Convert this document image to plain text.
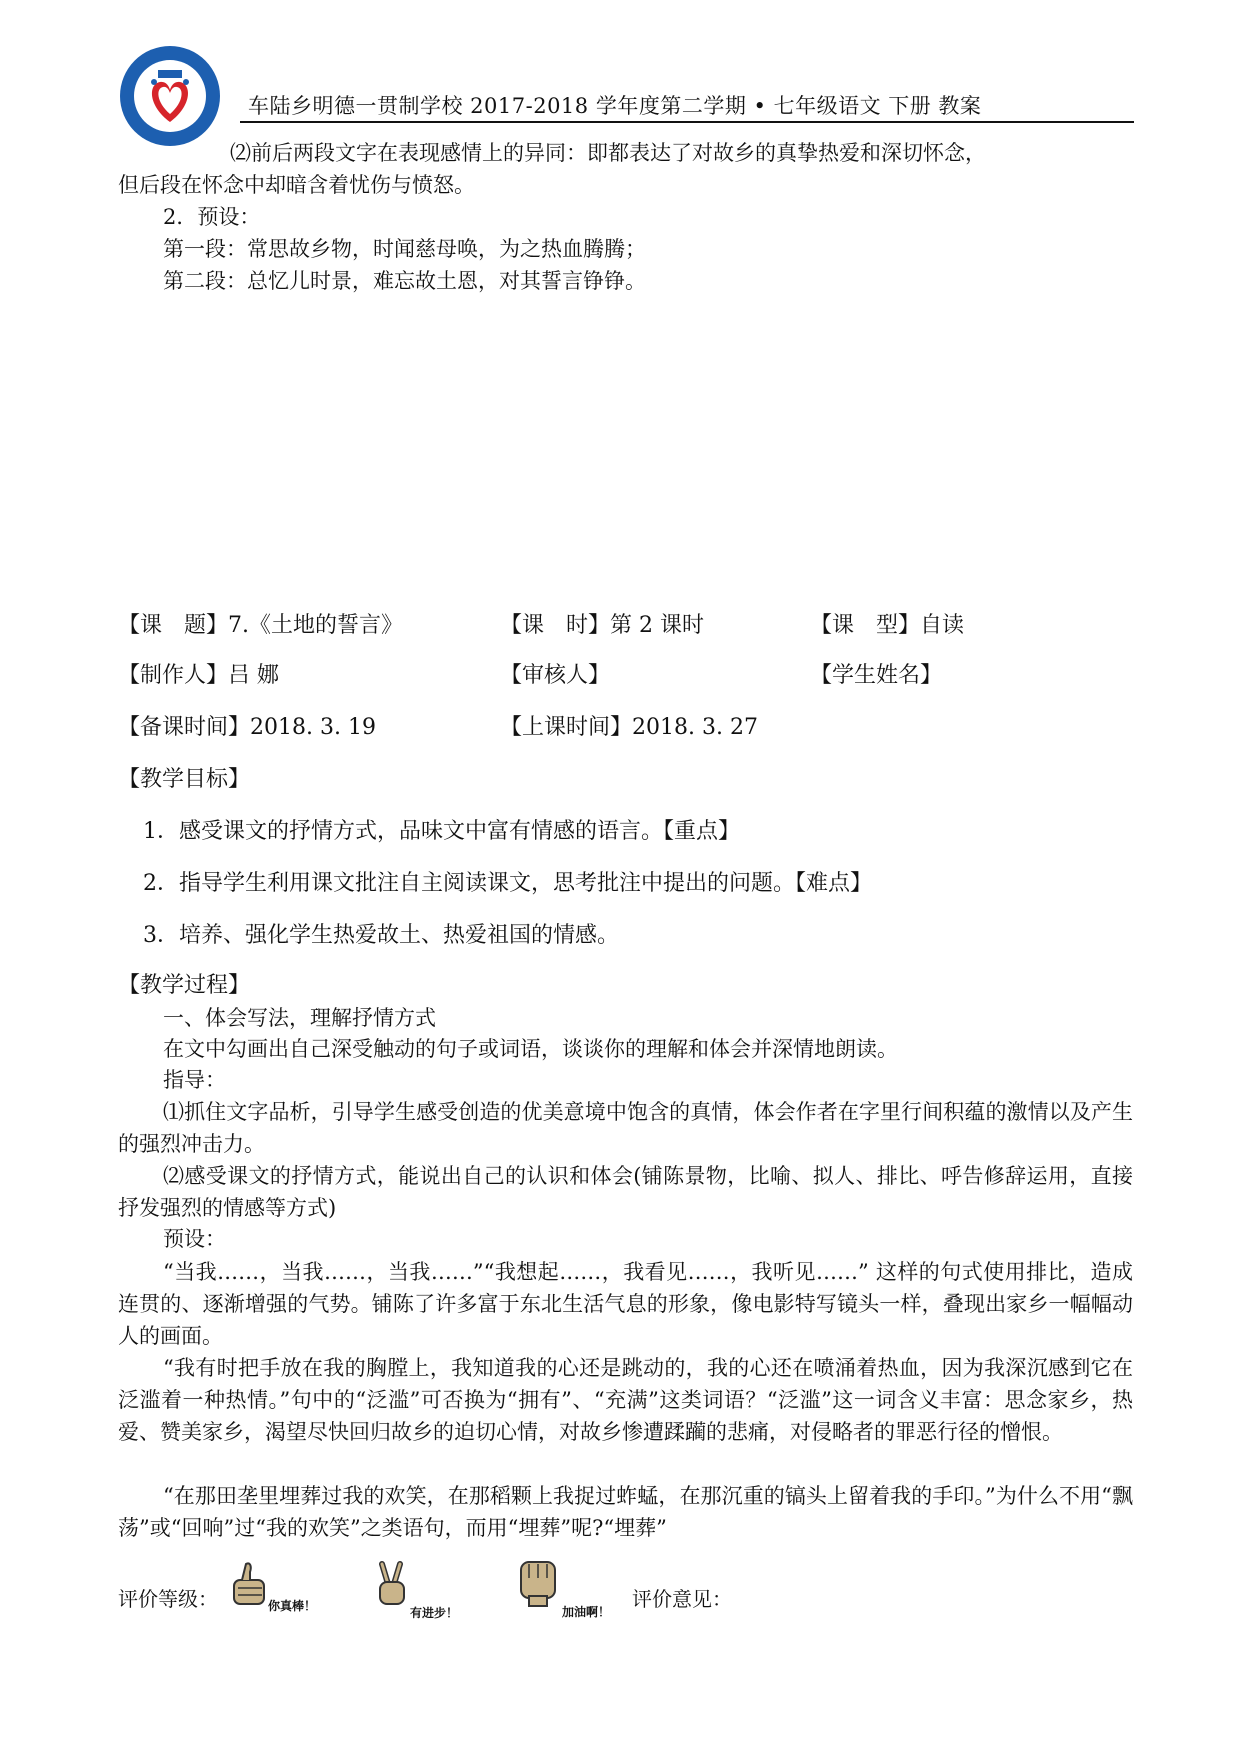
车陆乡明德一贯制学校 2017-2018 学年度第二学期 • 七年级语文 下册 教案
⑵前后两段文字在表现感情上的异同：即都表达了对故乡的真挚热爱和深切怀念，
但后段在怀念中却暗含着忧伤与愤怒。
2．预设：
第一段：常思故乡物，时闻慈母唤，为之热血腾腾；
第二段：总忆儿时景，难忘故土恩，对其誓言铮铮。
【课　题】7.《土地的誓言》	【课　时】第 2 课时	【课　型】自读
【制作人】吕 娜	【审核人】	【学生姓名】
【备课时间】2018. 3. 19	【上课时间】2018. 3. 27
【教学目标】
1．感受课文的抒情方式，品味文中富有情感的语言。【重点】
2．指导学生利用课文批注自主阅读课文，思考批注中提出的问题。【难点】
3．培养、强化学生热爱故土、热爱祖国的情感。
【教学过程】
一、体会写法，理解抒情方式
在文中勾画出自己深受触动的句子或词语，谈谈你的理解和体会并深情地朗读。
指导：
⑴抓住文字品析，引导学生感受创造的优美意境中饱含的真情，体会作者在字里行间积蕴的激情以及产生的强烈冲击力。
⑵感受课文的抒情方式，能说出自己的认识和体会(铺陈景物，比喻、拟人、排比、呼告修辞运用，直接抒发强烈的情感等方式)
预设：
“当我……，当我……，当我……”“我想起……，我看见……，我听见……” 这样的句式使用排比，造成连贯的、逐渐增强的气势。铺陈了许多富于东北生活气息的形象，像电影特写镜头一样，叠现出家乡一幅幅动人的画面。
“我有时把手放在我的胸膛上，我知道我的心还是跳动的，我的心还在喷涌着热血，因为我深沉感到它在泛滥着一种热情。”句中的“泛滥”可否换为“拥有”、“充满”这类词语？“泛滥”这一词含义丰富：思念家乡，热爱、赞美家乡，渴望尽快回归故乡的迫切心情，对故乡惨遭蹂躏的悲痛，对侵略者的罪恶行径的憎恨。
“在那田垄里埋葬过我的欢笑，在那稻颗上我捉过蚱蜢，在那沉重的镐头上留着我的手印。”为什么不用“飘荡”或“回响”过“我的欢笑”之类语句，而用“埋葬”呢?“埋葬”
评价等级：	你真棒！	有进步！	加油啊！
评价意见：
